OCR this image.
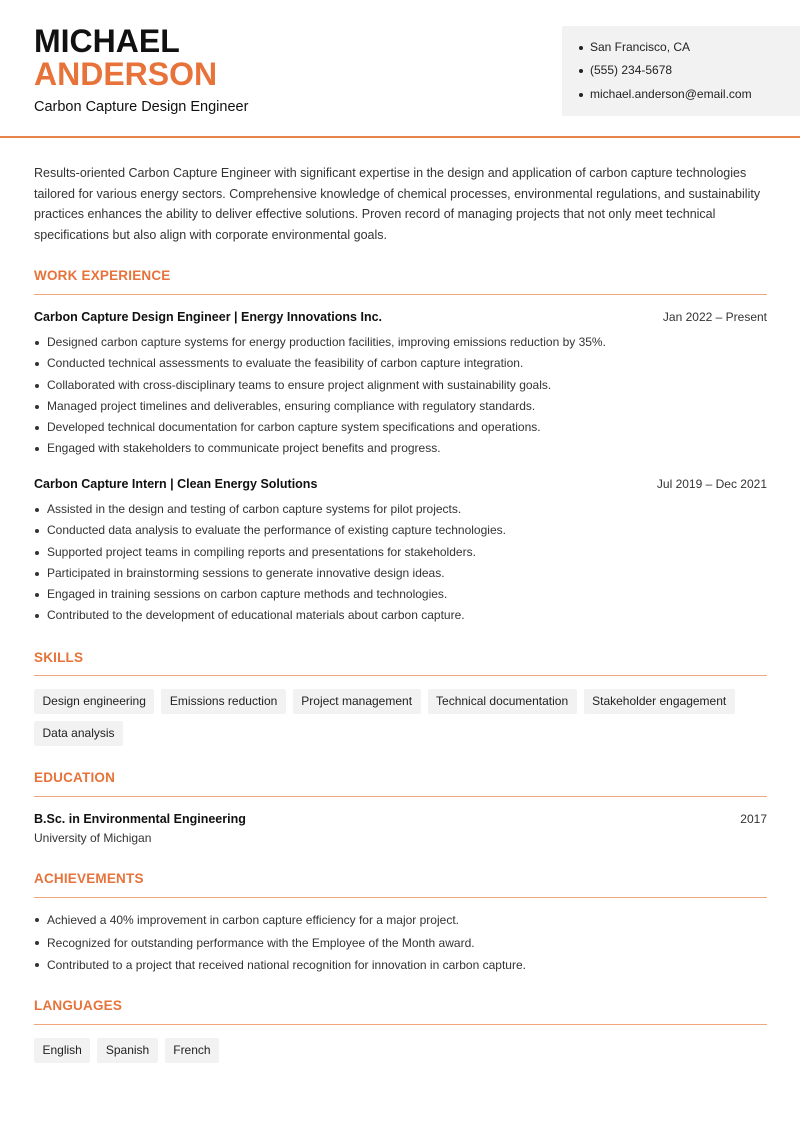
MICHAEL
ANDERSON
Carbon Capture Design Engineer
San Francisco, CA
(555) 234-5678
michael.anderson@email.com
Results-oriented Carbon Capture Engineer with significant expertise in the design and application of carbon capture technologies tailored for various energy sectors. Comprehensive knowledge of chemical processes, environmental regulations, and sustainability practices enhances the ability to deliver effective solutions. Proven record of managing projects that not only meet technical specifications but also align with corporate environmental goals.
WORK EXPERIENCE
Carbon Capture Design Engineer | Energy Innovations Inc.	Jan 2022 – Present
Designed carbon capture systems for energy production facilities, improving emissions reduction by 35%.
Conducted technical assessments to evaluate the feasibility of carbon capture integration.
Collaborated with cross-disciplinary teams to ensure project alignment with sustainability goals.
Managed project timelines and deliverables, ensuring compliance with regulatory standards.
Developed technical documentation for carbon capture system specifications and operations.
Engaged with stakeholders to communicate project benefits and progress.
Carbon Capture Intern | Clean Energy Solutions	Jul 2019 – Dec 2021
Assisted in the design and testing of carbon capture systems for pilot projects.
Conducted data analysis to evaluate the performance of existing capture technologies.
Supported project teams in compiling reports and presentations for stakeholders.
Participated in brainstorming sessions to generate innovative design ideas.
Engaged in training sessions on carbon capture methods and technologies.
Contributed to the development of educational materials about carbon capture.
SKILLS
Design engineering Emissions reduction Project management Technical documentation Stakeholder engagementData analysis
EDUCATION
B.Sc. in Environmental Engineering	2017
University of Michigan
ACHIEVEMENTS
Achieved a 40% improvement in carbon capture efficiency for a major project.
Recognized for outstanding performance with the Employee of the Month award.
Contributed to a project that received national recognition for innovation in carbon capture.
LANGUAGES
English Spanish French
